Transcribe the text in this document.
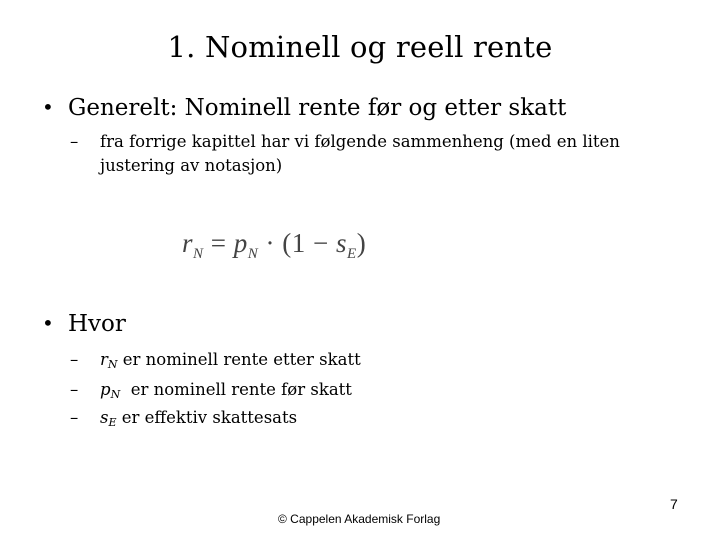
1. Nominell og reell rente
• Generelt: Nominell rente før og etter skatt
– fra forrige kapittel har vi følgende sammenheng (med en liten justering av notasjon)
$r_N = p_N \cdot (1 - s_E)$
• Hvor
– $r_N$ er nominell rente etter skatt
– $p_N$ er nominell rente før skatt
– $s_E$ er effektiv skattesats
© Cappelen Akademisk Forlag
7
